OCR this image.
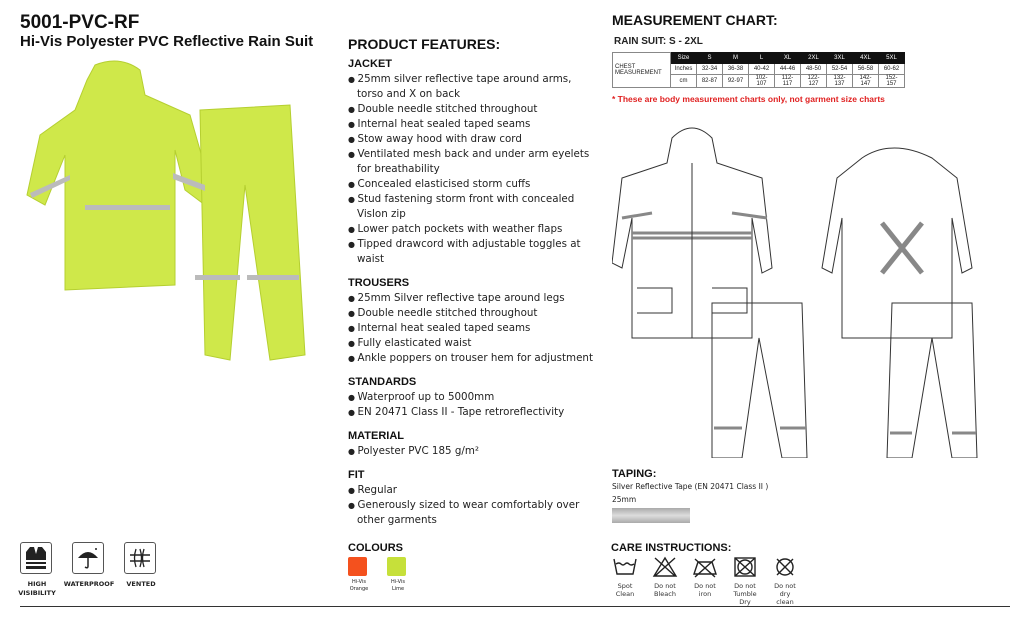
5001-PVC-RF
Hi-Vis Polyester PVC Reflective Rain Suit PRODUCT FEATURES:
JACKET
● 25mm silver reflective tape around arms, torso and X on back
● Double needle stitched throughout
● Internal heat sealed taped seams
● Stow away hood with draw cord
● Ventilated mesh back and under arm eyelets for breathability
● Concealed elasticised storm cuffs
● Stud fastening storm front with concealed Vislon zip
● Lower patch pockets with weather flaps
● Tipped drawcord with adjustable toggles at waist
TROUSERS
● 25mm Silver reflective tape around legs
● Double needle stitched throughout
● Internal heat sealed taped seams
● Fully elasticated waist
● Ankle poppers on trouser hem for adjustment
STANDARDS
● Waterproof up to 5000mm
● EN 20471 Class II - Tape retroreflectivity
MATERIAL
● Polyester PVC 185 g/m²
FIT
● Regular
● Generously sized to wear comfortably over other garments
COLOURS
Hi-Vis Orange
Hi-Vis Lime
HIGH VISIBILITY
WATERPROOF	VENTED
MEASUREMENT CHART:
RAIN SUIT: S - 2XL
CHEST MEASUREMENT	Size	S	M	L	XL	2XL	3XL	4XL	5XL
	Inches	32-34	36-38	40-42	44-46	48-50	52-54	56-58	60-62
	cm	82-87	92-97	102-107	112-117	122-127	132-137	142-147	152-157
* These are body measurement charts only, not garment size charts
TAPING:
Silver Reflective Tape (EN 20471 Class II )
25mm
CARE INSTRUCTIONS:
Spot Clean
Do not Bleach
Do not iron
Do not Tumble Dry
Do not dry clean
